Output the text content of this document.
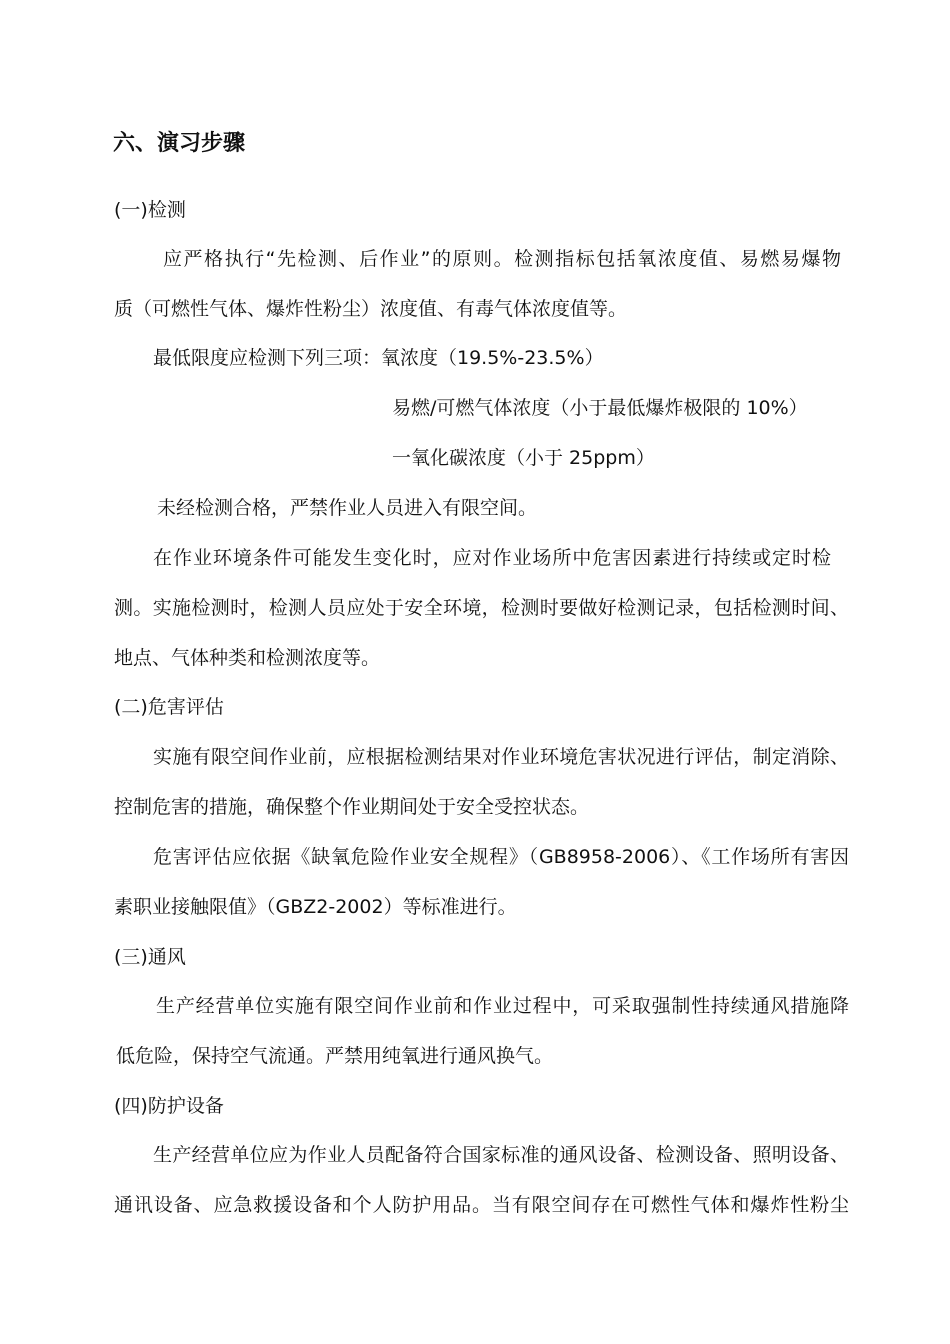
六、演习步骤
(一)检测
应严格执行“先检测、后作业”的原则。检测指标包括氧浓度值、易燃易爆物
质（可燃性气体、爆炸性粉尘）浓度值、有毒气体浓度值等。
最低限度应检测下列三项：氧浓度（19.5%-23.5%）
易燃/可燃气体浓度（小于最低爆炸极限的 10%）
一氧化碳浓度（小于 25ppm）
未经检测合格，严禁作业人员进入有限空间。
在作业环境条件可能发生变化时，应对作业场所中危害因素进行持续或定时检
测。实施检测时，检测人员应处于安全环境，检测时要做好检测记录，包括检测时间、
地点、气体种类和检测浓度等。
(二)危害评估
实施有限空间作业前，应根据检测结果对作业环境危害状况进行评估，制定消除、
控制危害的措施，确保整个作业期间处于安全受控状态。
危害评估应依据《缺氧危险作业安全规程》（GB8958-2006）、《工作场所有害因
素职业接触限值》（GBZ2-2002）等标准进行。
(三)通风
生产经营单位实施有限空间作业前和作业过程中，可采取强制性持续通风措施降
低危险，保持空气流通。严禁用纯氧进行通风换气。
(四)防护设备
生产经营单位应为作业人员配备符合国家标准的通风设备、检测设备、照明设备、
通讯设备、应急救援设备和个人防护用品。当有限空间存在可燃性气体和爆炸性粉尘
